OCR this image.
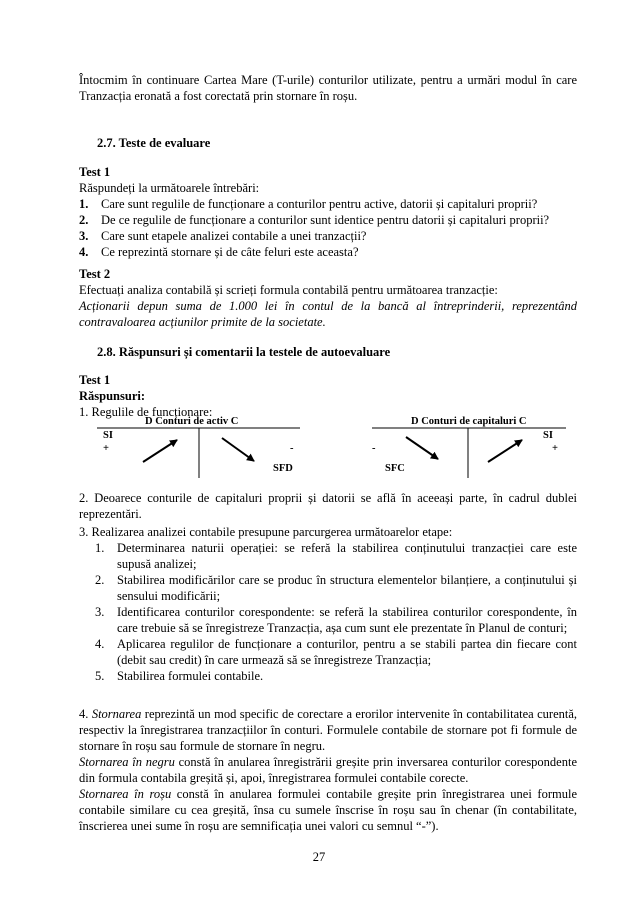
Întocmim în continuare Cartea Mare (T-urile) conturilor utilizate, pentru a urmări modul în care Tranzacția eronată a fost corectată prin stornare în roșu.

2.7. Teste de evaluare
Test 1
Răspundeți la următoarele întrebări:
1.	Care sunt regulile de funcționare a conturilor pentru active, datorii și capitaluri proprii?
2.	De ce regulile de funcționare a conturilor sunt identice pentru datorii și capitaluri proprii?
3.	Care sunt etapele analizei contabile a unei tranzacții?
4.	Ce reprezintă stornare și de câte feluri este aceasta?
Test 2
Efectuați analiza contabilă și scrieți formula contabilă pentru următoarea tranzacție:

Acționarii depun suma de 1.000 lei în contul de la bancă al întreprinderii, reprezentând contravaloarea acțiunilor primite de la societate.

2.8. Răspunsuri și comentarii la testele de autoevaluare
Test 1
Răspunsuri:
1. Regulile de funcționare:
D Conturi de activ C
SI
+	-
SFD
D Conturi de capitaluri C
SI
+
-
SFC

2. Deoarece conturile de capitaluri proprii și datorii se află în aceeași parte, în cadrul dublei reprezentări.

3. Realizarea analizei contabile presupune parcurgerea următoarelor etape:
1.	Determinarea naturii operației: se referă la stabilirea conținutului tranzacției care este supusă analizei;
2.	Stabilirea modificărilor care se produc în structura elementelor bilanțiere, a conținutului și sensului modificării;
3.	Identificarea conturilor corespondente: se referă la stabilirea conturilor corespondente, în care trebuie să se înregistreze Tranzacția, așa cum sunt ele prezentate în Planul de conturi;
4.	Aplicarea regulilor de funcționare a conturilor, pentru a se stabili partea din fiecare cont (debit sau credit) în care urmează să se înregistreze Tranzacția;
5.	Stabilirea formulei contabile.

4. Stornarea reprezintă un mod specific de corectare a erorilor intervenite în contabilitatea curentă, respectiv la înregistrarea tranzacțiilor în conturi. Formulele contabile de stornare pot fi formule de stornare în roșu sau formule de stornare în negru.

Stornarea în negru constă în anularea înregistrării greșite prin inversarea conturilor corespondente din formula contabila greșită și, apoi, înregistrarea formulei contabile corecte.

Stornarea în roșu constă în anularea formulei contabile greșite prin înregistrarea unei formule contabile similare cu cea greșită, însa cu sumele înscrise în roșu sau în chenar (în contabilitate, înscrierea unei sume în roșu are semnificația unei valori cu semnul “-”).

27
